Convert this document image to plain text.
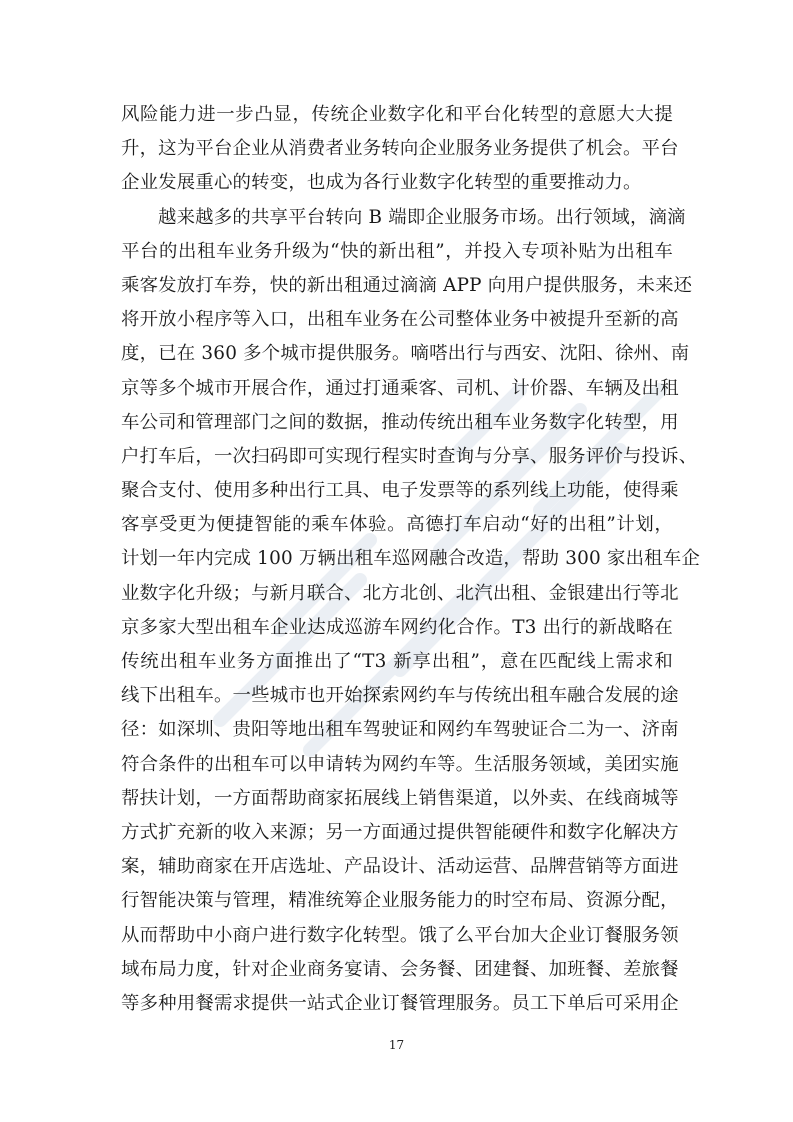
风险能力进一步凸显，传统企业数字化和平台化转型的意愿大大提
升，这为平台企业从消费者业务转向企业服务业务提供了机会。平台
企业发展重心的转变，也成为各行业数字化转型的重要推动力。
越来越多的共享平台转向 B 端即企业服务市场。出行领域，滴滴
平台的出租车业务升级为“快的新出租”，并投入专项补贴为出租车
乘客发放打车券，快的新出租通过滴滴 APP 向用户提供服务，未来还
将开放小程序等入口，出租车业务在公司整体业务中被提升至新的高
度，已在 360 多个城市提供服务。嘀嗒出行与西安、沈阳、徐州、南
京等多个城市开展合作，通过打通乘客、司机、计价器、车辆及出租
车公司和管理部门之间的数据，推动传统出租车业务数字化转型，用
户打车后，一次扫码即可实现行程实时查询与分享、服务评价与投诉、
聚合支付、使用多种出行工具、电子发票等的系列线上功能，使得乘
客享受更为便捷智能的乘车体验。高德打车启动“好的出租”计划，
计划一年内完成 100 万辆出租车巡网融合改造，帮助 300 家出租车企
业数字化升级；与新月联合、北方北创、北汽出租、金银建出行等北
京多家大型出租车企业达成巡游车网约化合作。T3 出行的新战略在
传统出租车业务方面推出了“T3 新享出租”，意在匹配线上需求和
线下出租车。一些城市也开始探索网约车与传统出租车融合发展的途
径：如深圳、贵阳等地出租车驾驶证和网约车驾驶证合二为一、济南
符合条件的出租车可以申请转为网约车等。生活服务领域，美团实施
帮扶计划，一方面帮助商家拓展线上销售渠道，以外卖、在线商城等
方式扩充新的收入来源；另一方面通过提供智能硬件和数字化解决方
案，辅助商家在开店选址、产品设计、活动运营、品牌营销等方面进
行智能决策与管理，精准统筹企业服务能力的时空布局、资源分配，
从而帮助中小商户进行数字化转型。饿了么平台加大企业订餐服务领
域布局力度，针对企业商务宴请、会务餐、团建餐、加班餐、差旅餐
等多种用餐需求提供一站式企业订餐管理服务。员工下单后可采用企
17
